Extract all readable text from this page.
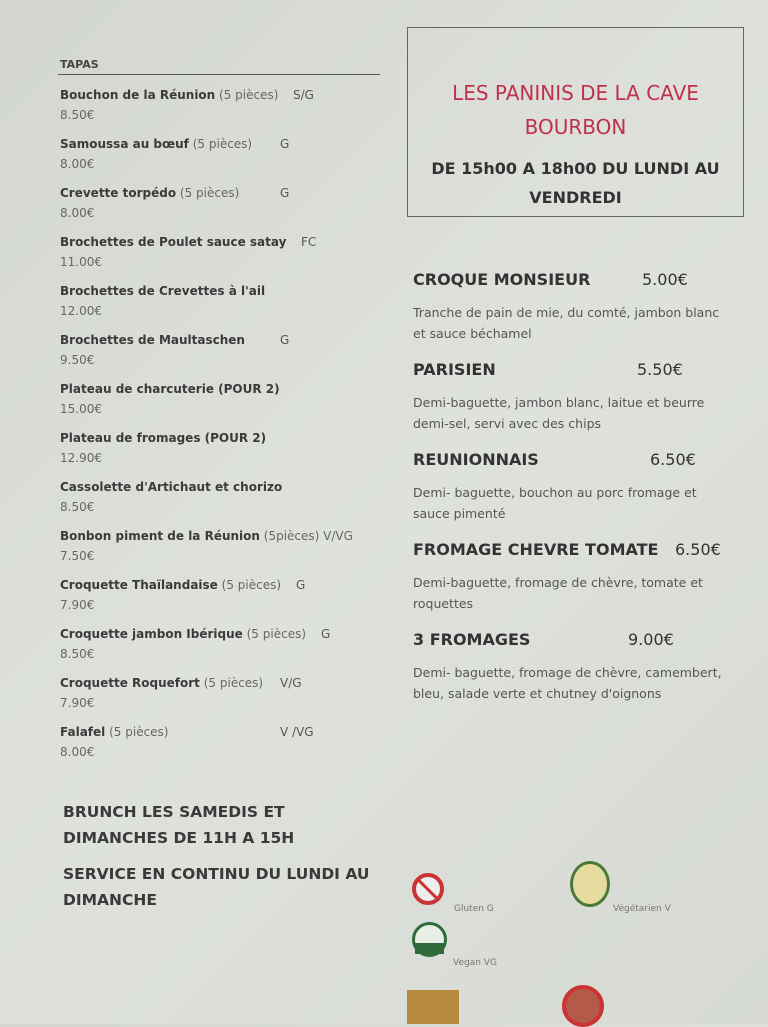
TAPAS
Bouchon de la Réunion (5 pièces) S/G
8.50€
Samoussa au bœuf (5 pièces) G
8.00€
Crevette torpédo (5 pièces)	G
8.00€
Brochettes de Poulet sauce satay FC
11.00€
Brochettes de Crevettes à l'ail
12.00€
Brochettes de Maultaschen	G
9.50€
Plateau de charcuterie (POUR 2)
15.00€
Plateau de fromages (POUR 2)
12.90€
Cassolette d'Artichaut et chorizo
8.50€
Bonbon piment de la Réunion (5pièces) V/VG
7.50€
Croquette Thaïlandaise (5 pièces) G
7.90€
Croquette jambon Ibérique (5 pièces) G
8.50€
Croquette Roquefort (5 pièces) V/G
7.90€
Falafel (5 pièces)	V /VG
8.00€
LES PANINIS DE LA CAVE
BOURBON
DE 15h00 A 18h00 DU LUNDI AU
VENDREDI
CROQUE MONSIEUR	5.00€
Tranche de pain de mie, du comté, jambon blanc
et sauce béchamel
PARISIEN	5.50€
Demi-baguette, jambon blanc, laitue et beurre
demi-sel, servi avec des chips
REUNIONNAIS	6.50€
Demi- baguette, bouchon au porc fromage et
sauce pimenté
FROMAGE CHEVRE TOMATE 6.50€
Demi-baguette, fromage de chèvre, tomate et
roquettes
3 FROMAGES	9.00€
Demi- baguette, fromage de chèvre, camembert,
bleu, salade verte et chutney d'oignons
BRUNCH LES SAMEDIS ET
DIMANCHES DE 11H A 15H
SERVICE EN CONTINU DU LUNDI AU
DIMANCHE	Gluten G	Végétarien V
Vegan VG
